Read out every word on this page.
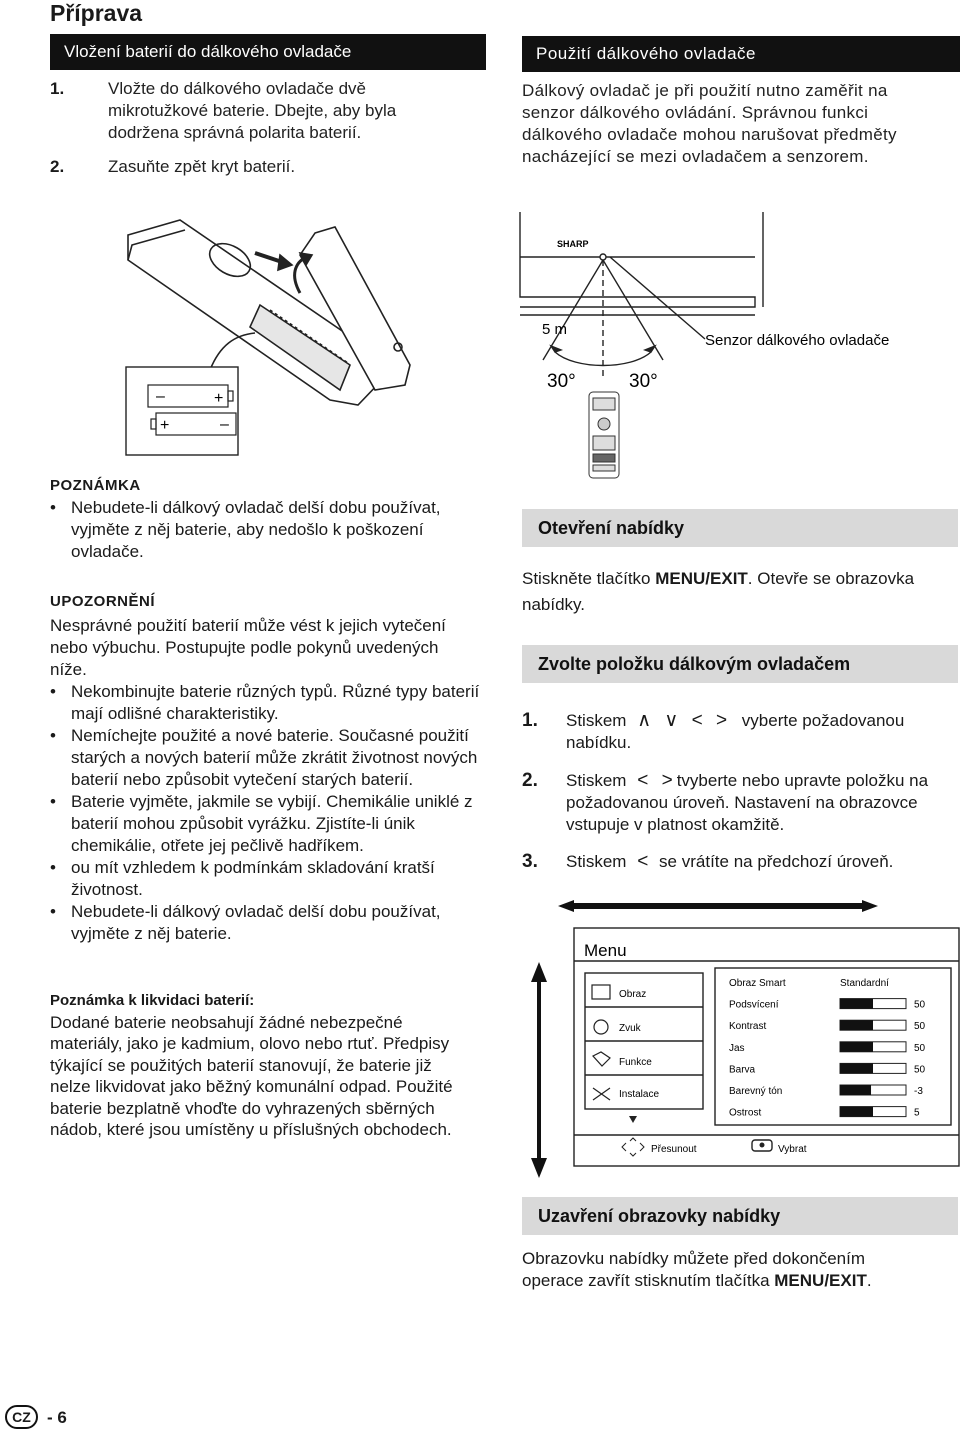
Příprava
Vložení baterií do dálkového ovladače
1.	Vložte do dálkového ovladače dvě mikrotužkové baterie. Dbejte, aby byla dodržena správná polarita baterií.
2.	Zasuňte zpět kryt baterií.
Použití dálkového ovladače
Dálkový ovladač je při použití nutno zaměřit na senzor dálkového ovládání. Správnou funkci dálkového ovladače mohou narušovat předměty nacházející se mezi ovladačem a senzorem.
–	+
+	–
SHARP
5 m
30°	30°
Senzor dálkového ovladače
POZNÁMKA
• Nebudete-li dálkový ovladač delší dobu používat, vyjměte z něj baterie, aby nedošlo k poškození ovladače.
UPOZORNĚNÍ
Nesprávné použití baterií může vést k jejich vytečení nebo výbuchu. Postupujte podle pokynů uvedených níže.
• Nekombinujte baterie různých typů. Různé typy baterií mají odlišné charakteristiky.
• Nemíchejte použité a nové baterie. Současné použití starých a nových baterií může zkrátit životnost nových baterií nebo způsobit vytečení starých baterií.
• Baterie vyjměte, jakmile se vybijí. Chemikálie uniklé z baterií mohou způsobit vyrážku. Zjistíte-li únik chemikálie, otřete jej pečlivě hadříkem.
• ou mít vzhledem k podmínkám skladování kratší životnost.
• Nebudete-li dálkový ovladač delší dobu používat, vyjměte z něj baterie.
Poznámka k likvidaci baterií:
Dodané baterie neobsahují žádné nebezpečné materiály, jako je kadmium, olovo nebo rtuť. Předpisy týkající se použitých baterií stanovují, že baterie již nelze likvidovat jako běžný komunální odpad. Použité baterie bezplatně vhoďte do vyhrazených sběrných nádob, které jsou umístěny u příslušných obchodech.
Otevření nabídky
Stiskněte tlačítko MENU/EXIT. Otevře se obrazovka
nabídky.
Zvolte položku dálkovým ovladačem
1. Stiskem ∧ ∨ < > vyberte požadovanou nabídku.
2. Stiskem < >tvyberte nebo upravte položku na požadovanou úroveň. Nastavení na obrazovce vstupuje v platnost okamžitě.
3. Stiskem < se vrátíte na předchozí úroveň.
Menu
Obraz
Zvuk
Funkce
Instalace
Obraz Smart	Standardní
Podsvícení	50
Kontrast	50
Jas	50
Barva	50
Barevný tón	-3
Ostrost	5
Přesunout	Vybrat
Uzavření obrazovky nabídky
Obrazovku nabídky můžete před dokončením operace zavřít stisknutím tlačítka MENU/EXIT.
CZ - 6
